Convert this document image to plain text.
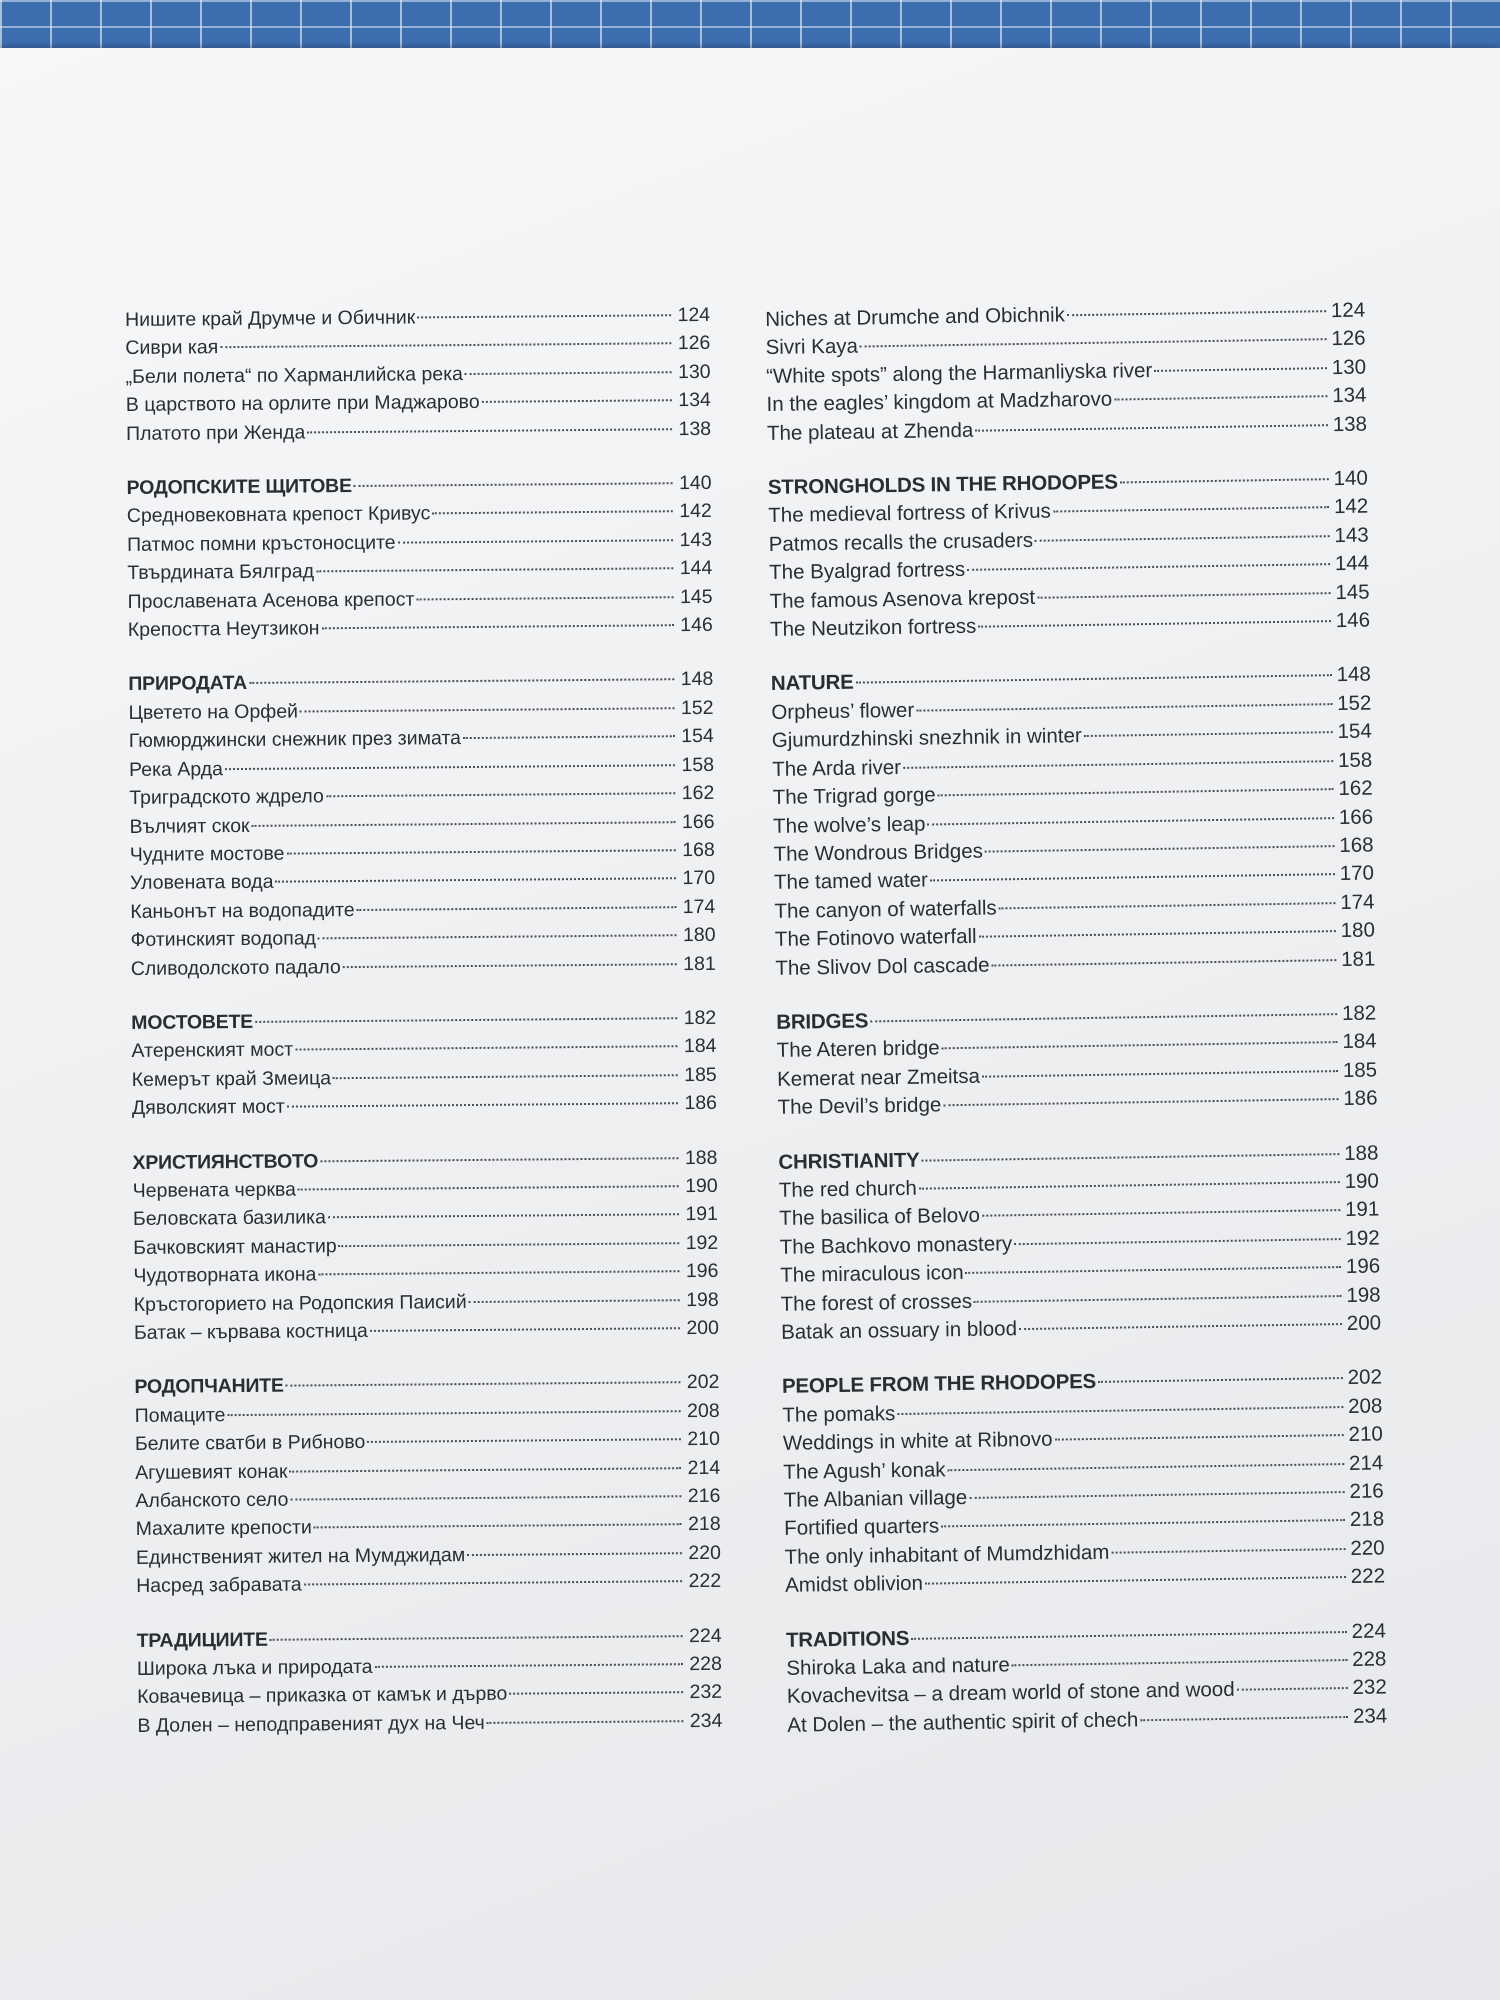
Нишите край Друмче и Обичник	124
Сиври кая	126
„Бели полета“ по Харманлийска река	130
В царството на орлите при Маджарово	134
Платото при Женда	138
РОДОПСКИТЕ ЩИТОВЕ	140
Средновековната крепост Кривус	142
Патмос помни кръстоносците	143
Твърдината Бялград	144
Прославената Асенова крепост	145
Крепостта Неутзикон	146
ПРИРОДАТА	148
Цветето на Орфей	152
Гюмюрджински снежник през зимата	154
Река Арда	158
Триградското ждрело	162
Вълчият скок	166
Чудните мостове	168
Уловената вода	170
Каньонът на водопадите	174
Фотинският водопад	180
Сливодолското падало	181
МОСТОВЕТЕ	182
Атеренският мост	184
Кемерът край Змеица	185
Дяволският мост	186
ХРИСТИЯНСТВОТО	188
Червената черква	190
Беловската базилика	191
Бачковският манастир	192
Чудотворната икона	196
Кръстогорието на Родопския Паисий	198
Батак – кървава костница	200
РОДОПЧАНИТЕ	202
Помаците	208
Белите сватби в Рибново	210
Агушевият конак	214
Албанското село	216
Махалите крепости	218
Единственият жител на Мумджидам	220
Насред забравата	222
ТРАДИЦИИТЕ	224
Широка лъка и природата	228
Ковачевица – приказка от камък и дърво	232
В Долен – неподправеният дух на Чеч	234
Niches at Drumche and Obichnik	124
Sivri Kaya	126
“White spots” along the Harmanliyska river	130
In the eagles’ kingdom at Madzharovo	134
The plateau at Zhenda	138
STRONGHOLDS IN THE RHODOPES	140
The medieval fortress of Krivus	142
Patmos recalls the crusaders	143
The Byalgrad fortress	144
The famous Asenova krepost	145
The Neutzikon fortress	146
NATURE	148
Orpheus’ flower	152
Gjumurdzhinski snezhnik in winter	154
The Arda river	158
The Trigrad gorge	162
The wolve’s leap	166
The Wondrous Bridges	168
The tamed water	170
The canyon of waterfalls	174
The Fotinovo waterfall	180
The Slivov Dol cascade	181
BRIDGES	182
The Ateren bridge	184
Kemerat near Zmeitsa	185
The Devil’s bridge	186
CHRISTIANITY	188
The red church	190
The basilica of Belovo	191
The Bachkovo monastery	192
The miraculous icon	196
The forest of crosses	198
Batak an ossuary in blood	200
PEOPLE FROM THE RHODOPES	202
The pomaks	208
Weddings in white at Ribnovo	210
The Agush’ konak	214
The Albanian village	216
Fortified quarters	218
The only inhabitant of Mumdzhidam	220
Amidst oblivion	222
TRADITIONS	224
Shiroka Laka and nature	228
Kovachevitsa – a dream world of stone and wood	232
At Dolen – the authentic spirit of chech	234
